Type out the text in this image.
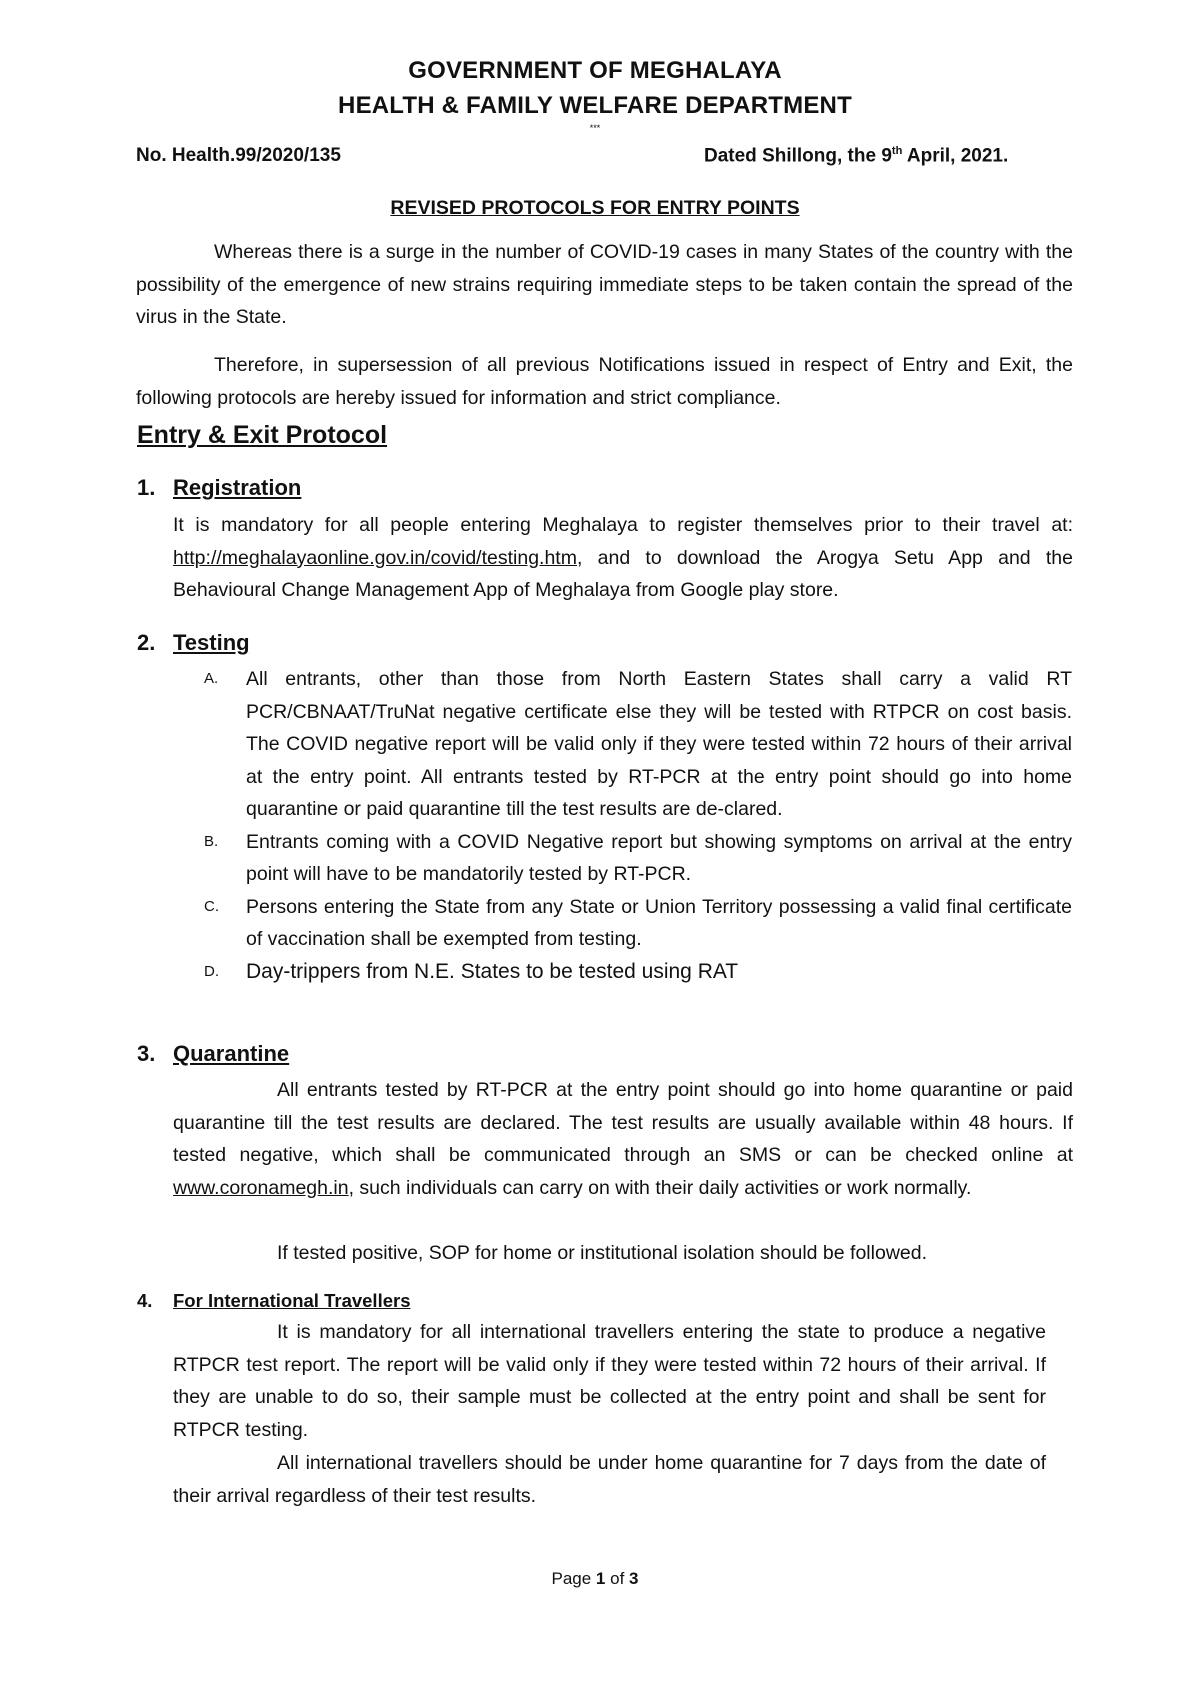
GOVERNMENT OF MEGHALAYA
HEALTH & FAMILY WELFARE DEPARTMENT
***
No. Health.99/2020/135	Dated Shillong, the 9th April, 2021.
REVISED PROTOCOLS FOR ENTRY POINTS
Whereas there is a surge in the number of COVID-19 cases in many States of the country with the possibility of the emergence of new strains requiring immediate steps to be taken contain the spread of the virus in the State.
Therefore, in supersession of all previous Notifications issued in respect of Entry and Exit, the following protocols are hereby issued for information and strict compliance.
Entry & Exit Protocol
1. Registration
It is mandatory for all people entering Meghalaya to register themselves prior to their travel at: http://meghalayaonline.gov.in/covid/testing.htm, and to download the Arogya Setu App and the Behavioural Change Management App of Meghalaya from Google play store.
2. Testing
A. All entrants, other than those from North Eastern States shall carry a valid RT PCR/CBNAAT/TruNat negative certificate else they will be tested with RTPCR on cost basis. The COVID negative report will be valid only if they were tested within 72 hours of their arrival at the entry point. All entrants tested by RT-PCR at the entry point should go into home quarantine or paid quarantine till the test results are de-clared.
B. Entrants coming with a COVID Negative report but showing symptoms on arrival at the entry point will have to be mandatorily tested by RT-PCR.
C. Persons entering the State from any State or Union Territory possessing a valid final certificate of vaccination shall be exempted from testing.
D. Day-trippers from N.E. States to be tested using RAT
3. Quarantine
All entrants tested by RT-PCR at the entry point should go into home quarantine or paid quarantine till the test results are declared. The test results are usually available within 48 hours. If tested negative, which shall be communicated through an SMS or can be checked online at www.coronamegh.in, such individuals can carry on with their daily activities or work normally.
If tested positive, SOP for home or institutional isolation should be followed.
4. For International Travellers
It is mandatory for all international travellers entering the state to produce a negative RTPCR test report. The report will be valid only if they were tested within 72 hours of their arrival. If they are unable to do so, their sample must be collected at the entry point and shall be sent for RTPCR testing.
All international travellers should be under home quarantine for 7 days from the date of their arrival regardless of their test results.
Page 1 of 3
